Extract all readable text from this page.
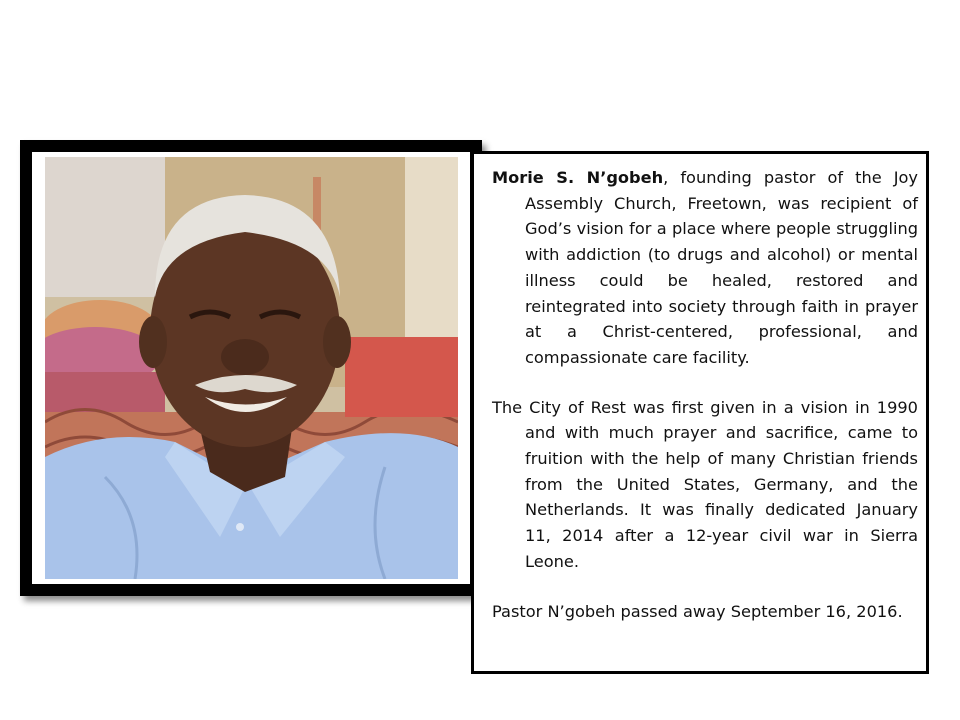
Morie S. N’gobeh, founding pastor of the Joy Assembly Church, Freetown, was recipient of God’s vision for a place where people struggling with addiction (to drugs and alcohol) or mental illness could be healed, restored and reintegrated into society through faith in prayer at a Christ-centered, professional, and compassionate care facility.

The City of Rest was first given in a vision in 1990 and with much prayer and sacrifice, came to fruition with the help of many Christian friends from the United States, Germany, and the Netherlands. It was finally dedicated January 11, 2014 after a 12-year civil war in Sierra Leone.

Pastor N’gobeh passed away September 16, 2016.
